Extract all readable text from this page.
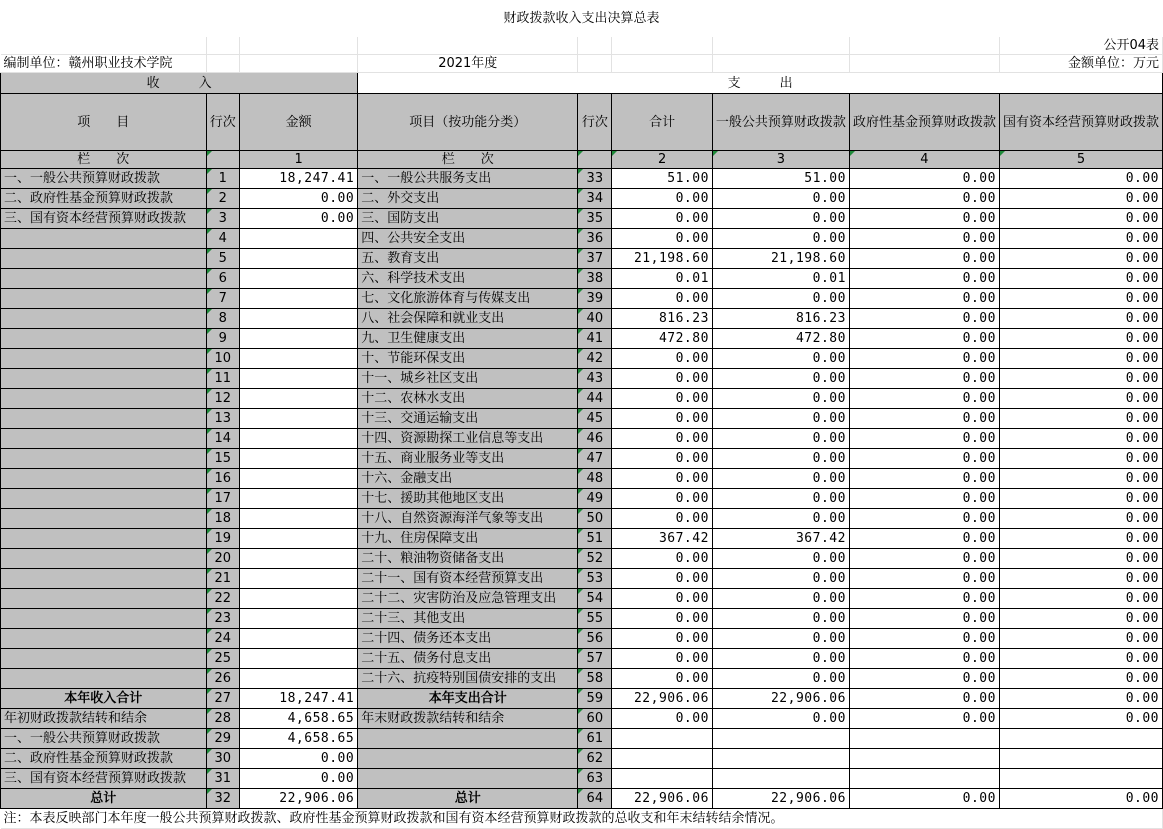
财政拨款收入支出决算总表								
								公开04表
编制单位：赣州职业技术学院			2021年度					金额单位：万元
收　　　入			支　　　出					
项　　目	行次	金额	项目（按功能分类）	行次	合计	一般公共预算财政拨款	政府性基金预算财政拨款	国有资本经营预算财政拨款
栏　　次		1	栏　　次		2	3	4	5
一、一般公共预算财政拨款	1	18,247.41	一、一般公共服务支出	33	51.00	51.00	0.00	0.00
二、政府性基金预算财政拨款	2	0.00	二、外交支出	34	0.00	0.00	0.00	0.00
三、国有资本经营预算财政拨款	3	0.00	三、国防支出	35	0.00	0.00	0.00	0.00
	4		四、公共安全支出	36	0.00	0.00	0.00	0.00
	5		五、教育支出	37	21,198.60	21,198.60	0.00	0.00
	6		六、科学技术支出	38	0.01	0.01	0.00	0.00
	7		七、文化旅游体育与传媒支出	39	0.00	0.00	0.00	0.00
	8		八、社会保障和就业支出	40	816.23	816.23	0.00	0.00
	9		九、卫生健康支出	41	472.80	472.80	0.00	0.00
	10		十、节能环保支出	42	0.00	0.00	0.00	0.00
	11		十一、城乡社区支出	43	0.00	0.00	0.00	0.00
	12		十二、农林水支出	44	0.00	0.00	0.00	0.00
	13		十三、交通运输支出	45	0.00	0.00	0.00	0.00
	14		十四、资源勘探工业信息等支出	46	0.00	0.00	0.00	0.00
	15		十五、商业服务业等支出	47	0.00	0.00	0.00	0.00
	16		十六、金融支出	48	0.00	0.00	0.00	0.00
	17		十七、援助其他地区支出	49	0.00	0.00	0.00	0.00
	18		十八、自然资源海洋气象等支出	50	0.00	0.00	0.00	0.00
	19		十九、住房保障支出	51	367.42	367.42	0.00	0.00
	20		二十、粮油物资储备支出	52	0.00	0.00	0.00	0.00
	21		二十一、国有资本经营预算支出	53	0.00	0.00	0.00	0.00
	22		二十二、灾害防治及应急管理支出	54	0.00	0.00	0.00	0.00
	23		二十三、其他支出	55	0.00	0.00	0.00	0.00
	24		二十四、债务还本支出	56	0.00	0.00	0.00	0.00
	25		二十五、债务付息支出	57	0.00	0.00	0.00	0.00
	26		二十六、抗疫特别国债安排的支出	58	0.00	0.00	0.00	0.00
本年收入合计	27	18,247.41	本年支出合计	59	22,906.06	22,906.06	0.00	0.00
年初财政拨款结转和结余	28	4,658.65	年末财政拨款结转和结余	60	0.00	0.00	0.00	0.00
一、一般公共预算财政拨款	29	4,658.65		61				
二、政府性基金预算财政拨款	30	0.00		62				
三、国有资本经营预算财政拨款	31	0.00		63				
总计	32	22,906.06	总计	64	22,906.06	22,906.06	0.00	0.00
注：本表反映部门本年度一般公共预算财政拨款、政府性基金预算财政拨款和国有资本经营预算财政拨款的总收支和年末结转结余情况。								
